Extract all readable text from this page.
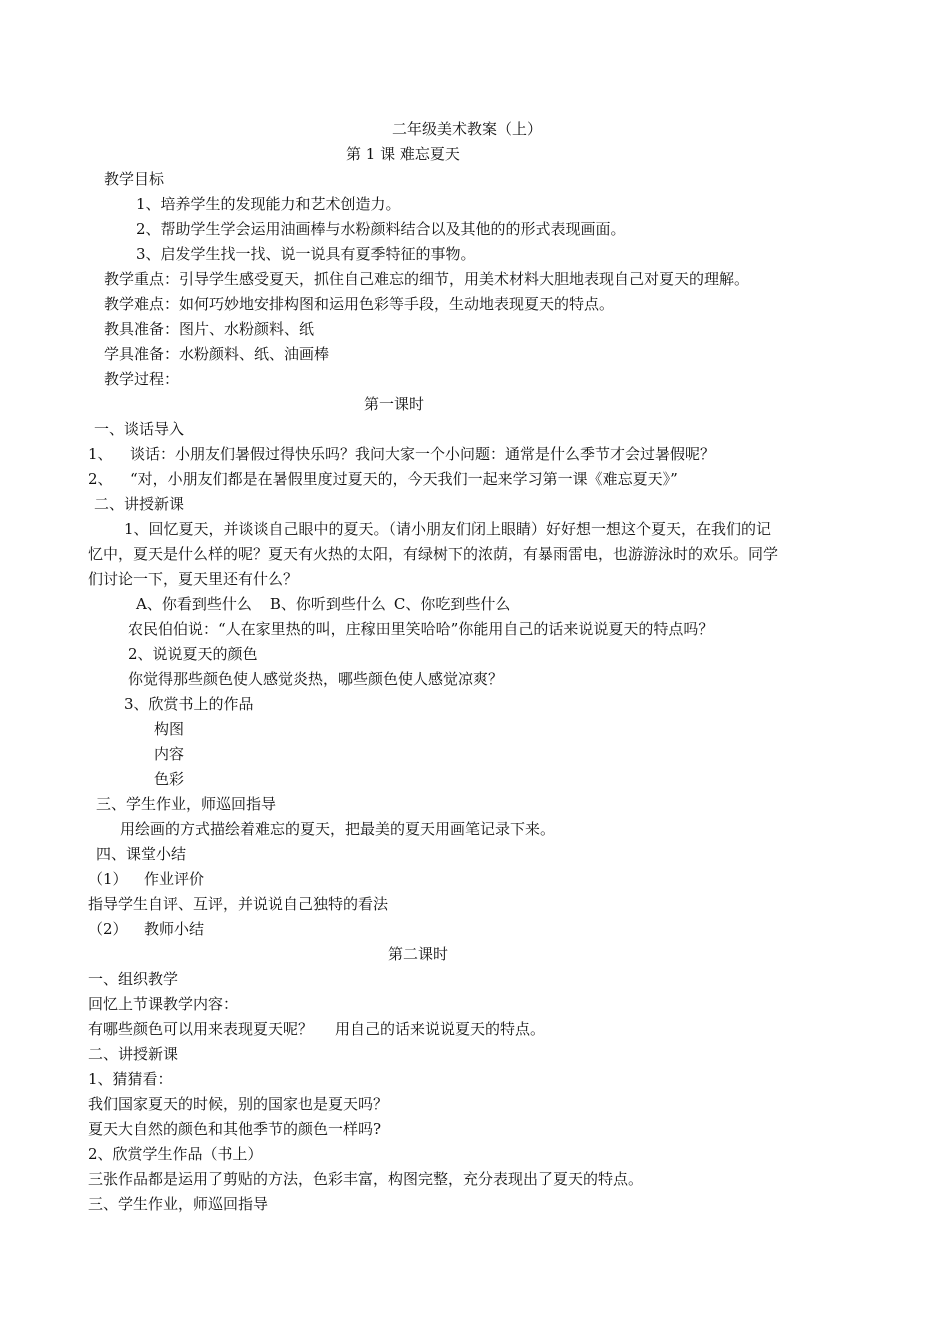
二年级美术教案（上）

第 1 课 难忘夏天

教学目标

1、培养学生的发现能力和艺术创造力。

2、帮助学生学会运用油画棒与水粉颜料结合以及其他的的形式表现画面。

3、启发学生找一找、说一说具有夏季特征的事物。

教学重点：引导学生感受夏天，抓住自己难忘的细节，用美术材料大胆地表现自己对夏天的理解。

教学难点：如何巧妙地安排构图和运用色彩等手段，生动地表现夏天的特点。

教具准备：图片、水粉颜料、纸

学具准备：水粉颜料、纸、油画棒

教学过程：

第一课时

一、谈话导入

1、 谈话：小朋友们暑假过得快乐吗？我问大家一个小问题：通常是什么季节才会过暑假呢？

2、 “对，小朋友们都是在暑假里度过夏天的，今天我们一起来学习第一课《难忘夏天》”

二、讲授新课

1、回忆夏天，并谈谈自己眼中的夏天。（请小朋友们闭上眼睛）好好想一想这个夏天，在我们的记

忆中，夏天是什么样的呢？夏天有火热的太阳，有绿树下的浓荫，有暴雨雷电，也游游泳时的欢乐。同学

们讨论一下，夏天里还有什么？

A、你看到些什么 B、你听到些什么 C、你吃到些什么

农民伯伯说：“人在家里热的叫，庄稼田里笑哈哈”你能用自己的话来说说夏天的特点吗？

2、说说夏天的颜色

你觉得那些颜色使人感觉炎热，哪些颜色使人感觉凉爽？

3、欣赏书上的作品

构图

内容

色彩

三、学生作业，师巡回指导

用绘画的方式描绘着难忘的夏天，把最美的夏天用画笔记录下来。

四、课堂小结

（1） 作业评价

指导学生自评、互评，并说说自己独特的看法

（2） 教师小结

第二课时

一、组织教学

回忆上节课教学内容：

有哪些颜色可以用来表现夏天呢？ 用自己的话来说说夏天的特点。

二、讲授新课

1、猜猜看：

我们国家夏天的时候，别的国家也是夏天吗？

夏天大自然的颜色和其他季节的颜色一样吗?

2、欣赏学生作品（书上）

三张作品都是运用了剪贴的方法，色彩丰富，构图完整，充分表现出了夏天的特点。

三、学生作业，师巡回指导
